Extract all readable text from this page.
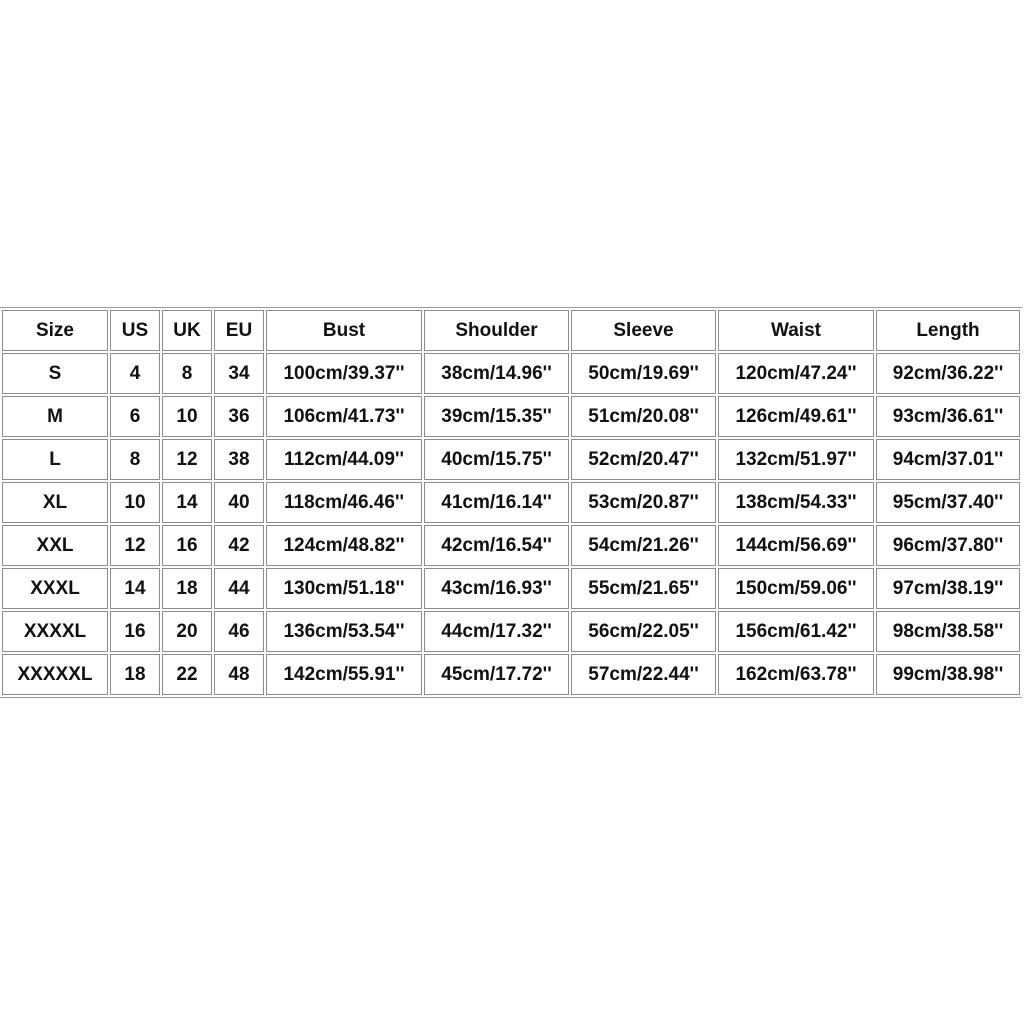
Size	US	UK	EU	Bust	Shoulder	Sleeve	Waist	Length
S	4	8	34	100cm/39.37''	38cm/14.96''	50cm/19.69''	120cm/47.24''	92cm/36.22''
M	6	10	36	106cm/41.73''	39cm/15.35''	51cm/20.08''	126cm/49.61''	93cm/36.61''
L	8	12	38	112cm/44.09''	40cm/15.75''	52cm/20.47''	132cm/51.97''	94cm/37.01''
XL	10	14	40	118cm/46.46''	41cm/16.14''	53cm/20.87''	138cm/54.33''	95cm/37.40''
XXL	12	16	42	124cm/48.82''	42cm/16.54''	54cm/21.26''	144cm/56.69''	96cm/37.80''
XXXL	14	18	44	130cm/51.18''	43cm/16.93''	55cm/21.65''	150cm/59.06''	97cm/38.19''
XXXXL	16	20	46	136cm/53.54''	44cm/17.32''	56cm/22.05''	156cm/61.42''	98cm/38.58''
XXXXXL	18	22	48	142cm/55.91''	45cm/17.72''	57cm/22.44''	162cm/63.78''	99cm/38.98''
